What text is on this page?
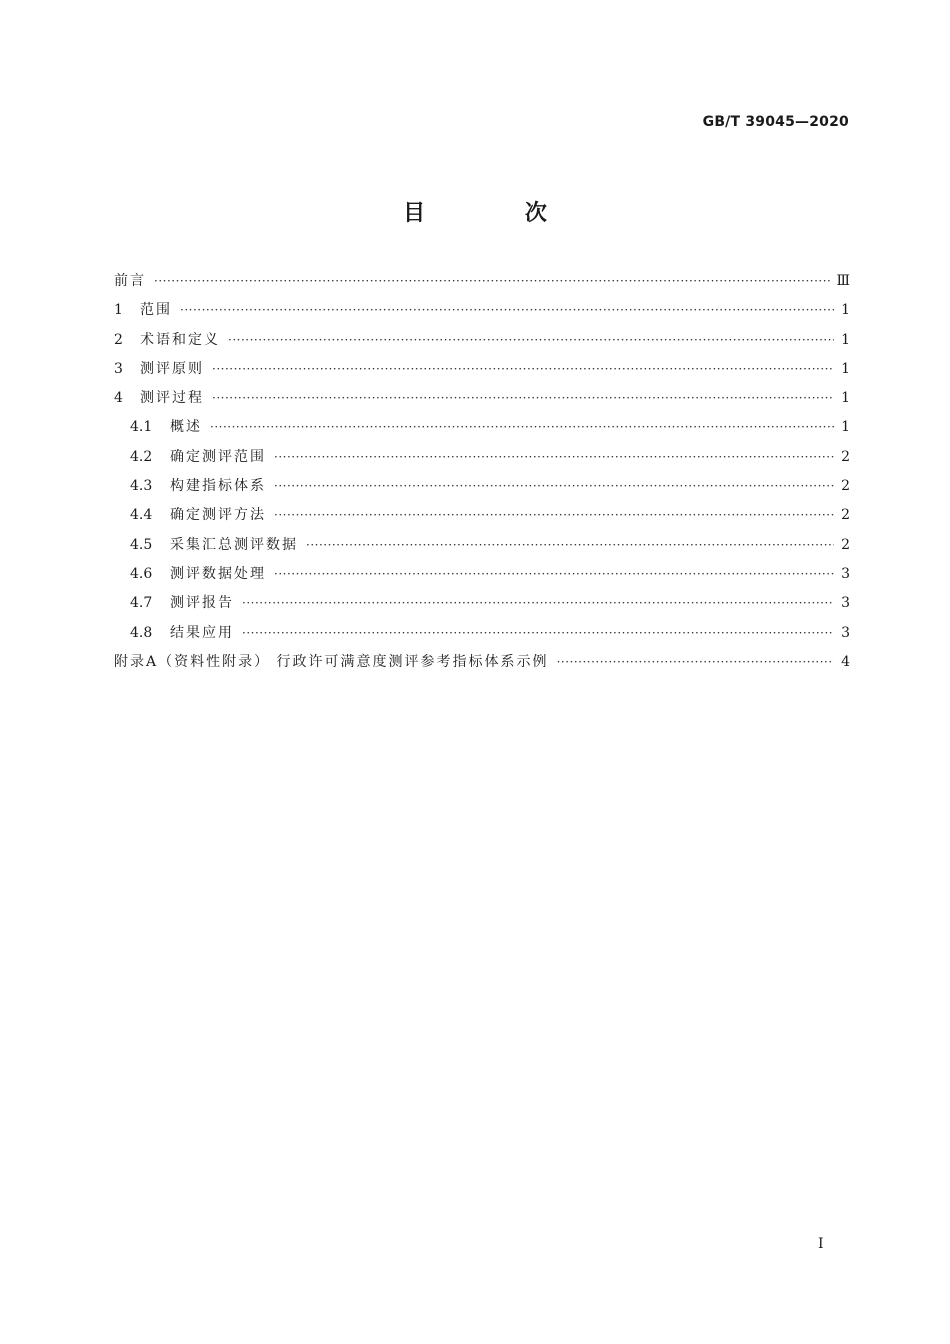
GB/T 39045—2020
目 次
前言 ·····	Ⅲ
1	范围 ·····	1
2	术语和定义 ·····	1
3	测评原则 ·····	1
4	测评过程 ·····	1
4.1	概述 ·····	1
4.2	确定测评范围 ·····	2
4.3	构建指标体系 ·····	2
4.4	确定测评方法 ·····	2
4.5	采集汇总测评数据 ·····	2
4.6	测评数据处理 ·····	3
4.7	测评报告 ·····	3
4.8	结果应用 ·····	3
附录A（资料性附录） 行政许可满意度测评参考指标体系示例 ·····	4
I
